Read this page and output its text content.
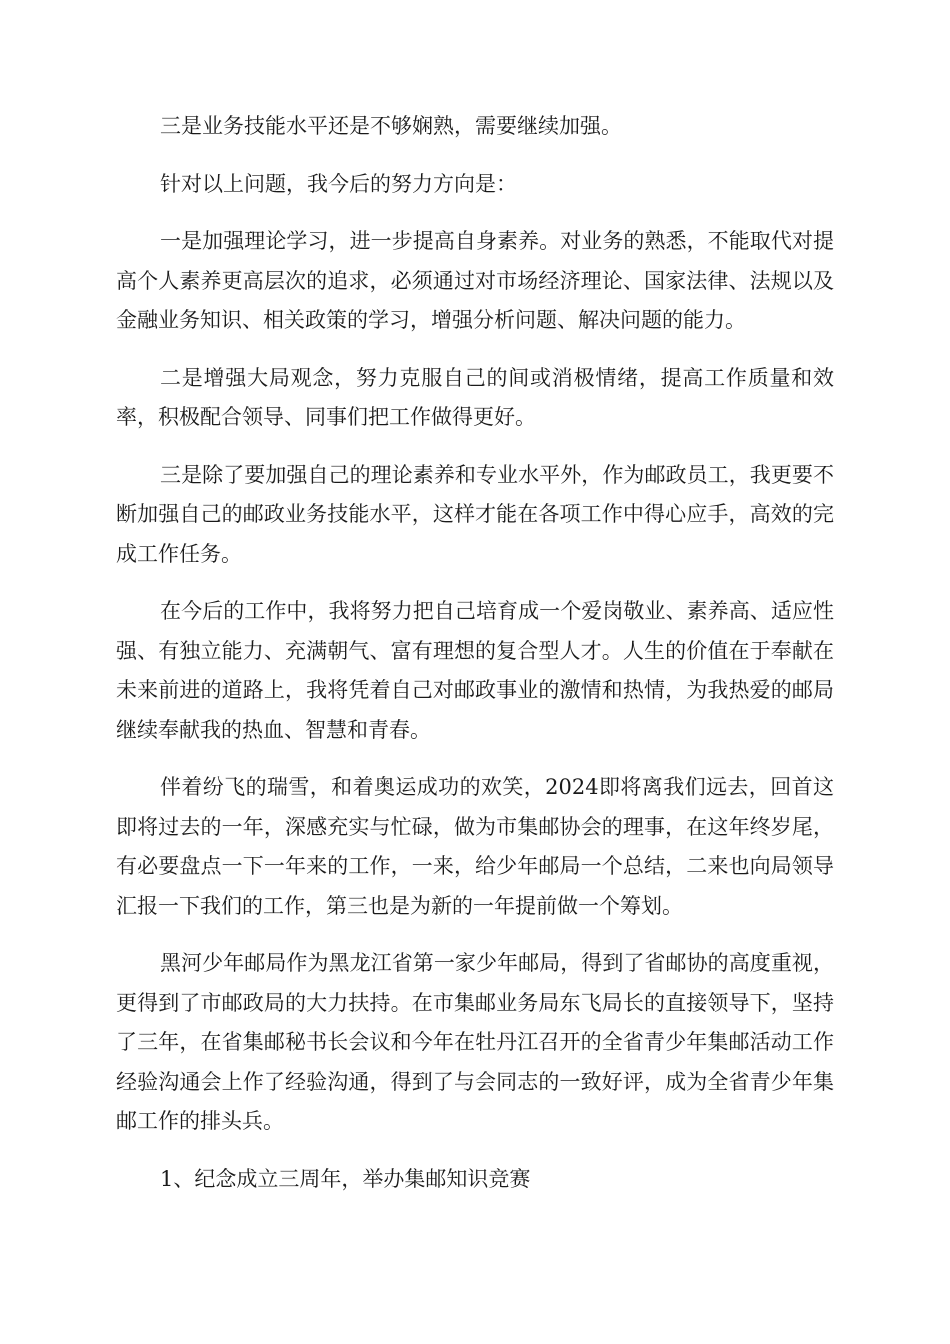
三是业务技能水平还是不够娴熟，需要继续加强。

针对以上问题，我今后的努力方向是：

一是加强理论学习，进一步提高自身素养。对业务的熟悉，不能取代对提高个人素养更高层次的追求，必须通过对市场经济理论、国家法律、法规以及金融业务知识、相关政策的学习，增强分析问题、解决问题的能力。

二是增强大局观念，努力克服自己的间或消极情绪，提高工作质量和效率，积极配合领导、同事们把工作做得更好。

三是除了要加强自己的理论素养和专业水平外，作为邮政员工，我更要不断加强自己的邮政业务技能水平，这样才能在各项工作中得心应手，高效的完成工作任务。

在今后的工作中，我将努力把自己培育成一个爱岗敬业、素养高、适应性强、有独立能力、充满朝气、富有理想的复合型人才。人生的价值在于奉献在未来前进的道路上，我将凭着自己对邮政事业的激情和热情，为我热爱的邮局继续奉献我的热血、智慧和青春。

伴着纷飞的瑞雪，和着奥运成功的欢笑，2024即将离我们远去，回首这即将过去的一年，深感充实与忙碌，做为市集邮协会的理事，在这年终岁尾，有必要盘点一下一年来的工作，一来，给少年邮局一个总结，二来也向局领导汇报一下我们的工作，第三也是为新的一年提前做一个筹划。

黑河少年邮局作为黑龙江省第一家少年邮局，得到了省邮协的高度重视，更得到了市邮政局的大力扶持。在市集邮业务局东飞局长的直接领导下，坚持了三年，在省集邮秘书长会议和今年在牡丹江召开的全省青少年集邮活动工作经验沟通会上作了经验沟通，得到了与会同志的一致好评，成为全省青少年集邮工作的排头兵。

1、纪念成立三周年，举办集邮知识竞赛
